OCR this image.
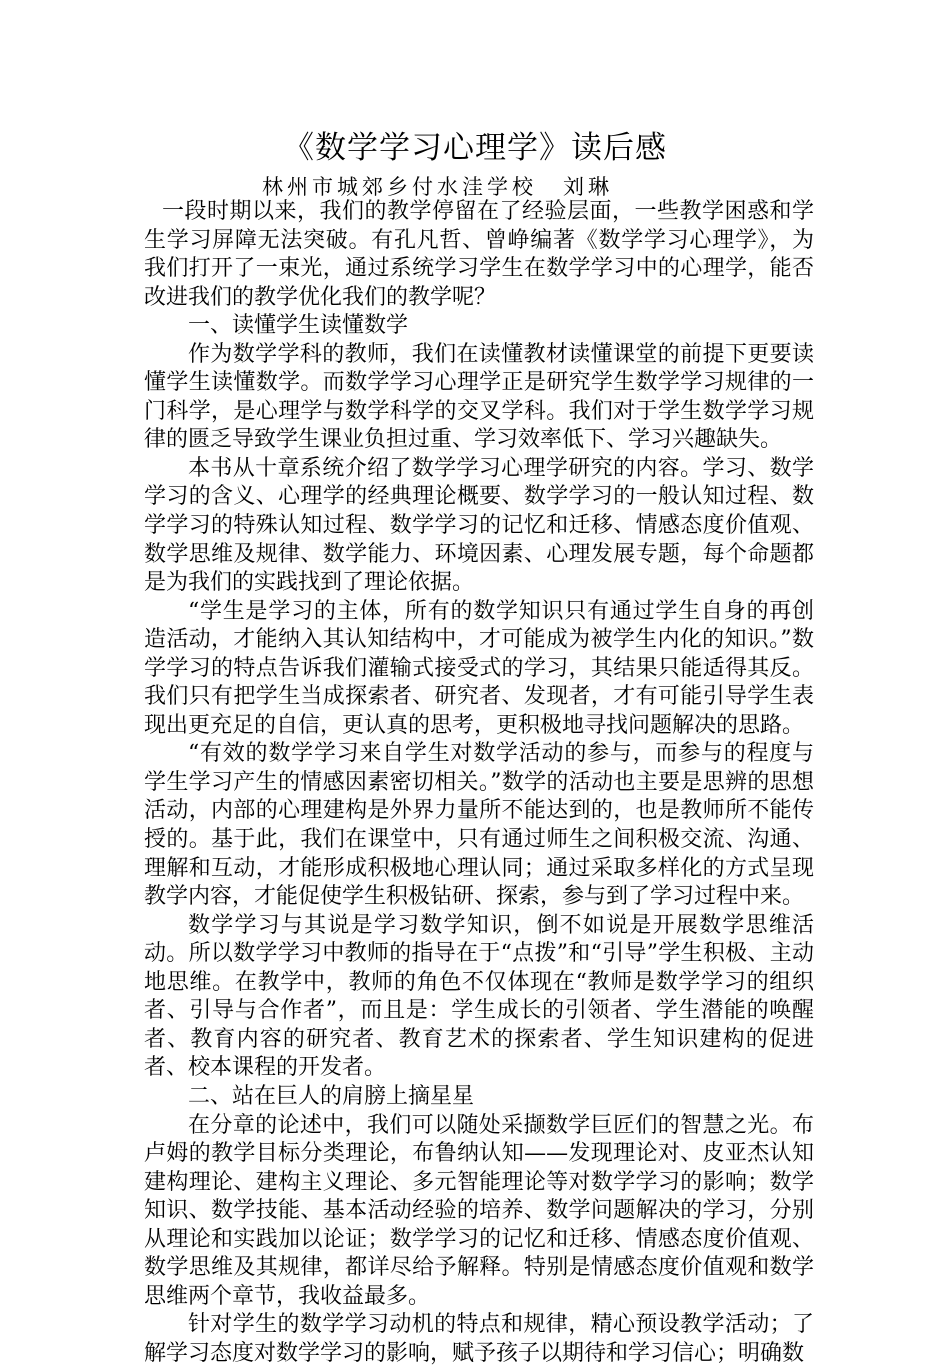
《数学学习心理学》读后感
林州市城郊乡付水洼学校 刘琳

一段时期以来，我们的教学停留在了经验层面，一些教学困惑和学生学习屏障无法突破。有孔凡哲、曾峥编著《数学学习心理学》，为我们打开了一束光，通过系统学习学生在数学学习中的心理学，能否改进我们的教学优化我们的教学呢？

一、读懂学生读懂数学

作为数学学科的教师，我们在读懂教材读懂课堂的前提下更要读懂学生读懂数学。而数学学习心理学正是研究学生数学学习规律的一门科学，是心理学与数学科学的交叉学科。我们对于学生数学学习规律的匮乏导致学生课业负担过重、学习效率低下、学习兴趣缺失。

本书从十章系统介绍了数学学习心理学研究的内容。学习、数学学习的含义、心理学的经典理论概要、数学学习的一般认知过程、数学学习的特殊认知过程、数学学习的记忆和迁移、情感态度价值观、数学思维及规律、数学能力、环境因素、心理发展专题，每个命题都是为我们的实践找到了理论依据。

“学生是学习的主体，所有的数学知识只有通过学生自身的再创造活动，才能纳入其认知结构中，才可能成为被学生内化的知识。”数学学习的特点告诉我们灌输式接受式的学习，其结果只能适得其反。我们只有把学生当成探索者、研究者、发现者，才有可能引导学生表现出更充足的自信，更认真的思考，更积极地寻找问题解决的思路。

“有效的数学学习来自学生对数学活动的参与，而参与的程度与学生学习产生的情感因素密切相关。”数学的活动也主要是思辨的思想活动，内部的心理建构是外界力量所不能达到的，也是教师所不能传授的。基于此，我们在课堂中，只有通过师生之间积极交流、沟通、理解和互动，才能形成积极地心理认同；通过采取多样化的方式呈现教学内容，才能促使学生积极钻研、探索，参与到了学习过程中来。

数学学习与其说是学习数学知识，倒不如说是开展数学思维活动。所以数学学习中教师的指导在于“点拨”和“引导”学生积极、主动地思维。在教学中，教师的角色不仅体现在“教师是数学学习的组织者、引导与合作者”，而且是：学生成长的引领者、学生潜能的唤醒者、教育内容的研究者、教育艺术的探索者、学生知识建构的促进者、校本课程的开发者。

二、站在巨人的肩膀上摘星星

在分章的论述中，我们可以随处采撷数学巨匠们的智慧之光。布卢姆的教学目标分类理论，布鲁纳认知——发现理论对、皮亚杰认知建构理论、建构主义理论、多元智能理论等对数学学习的影响；数学知识、数学技能、基本活动经验的培养、数学问题解决的学习，分别从理论和实践加以论证；数学学习的记忆和迁移、情感态度价值观、数学思维及其规律，都详尽给予解释。特别是情感态度价值观和数学思维两个章节，我收益最多。

针对学生的数学学习动机的特点和规律，精心预设教学活动；了解学习态度对数学学习的影响，赋予孩子以期待和学习信心；明确数
